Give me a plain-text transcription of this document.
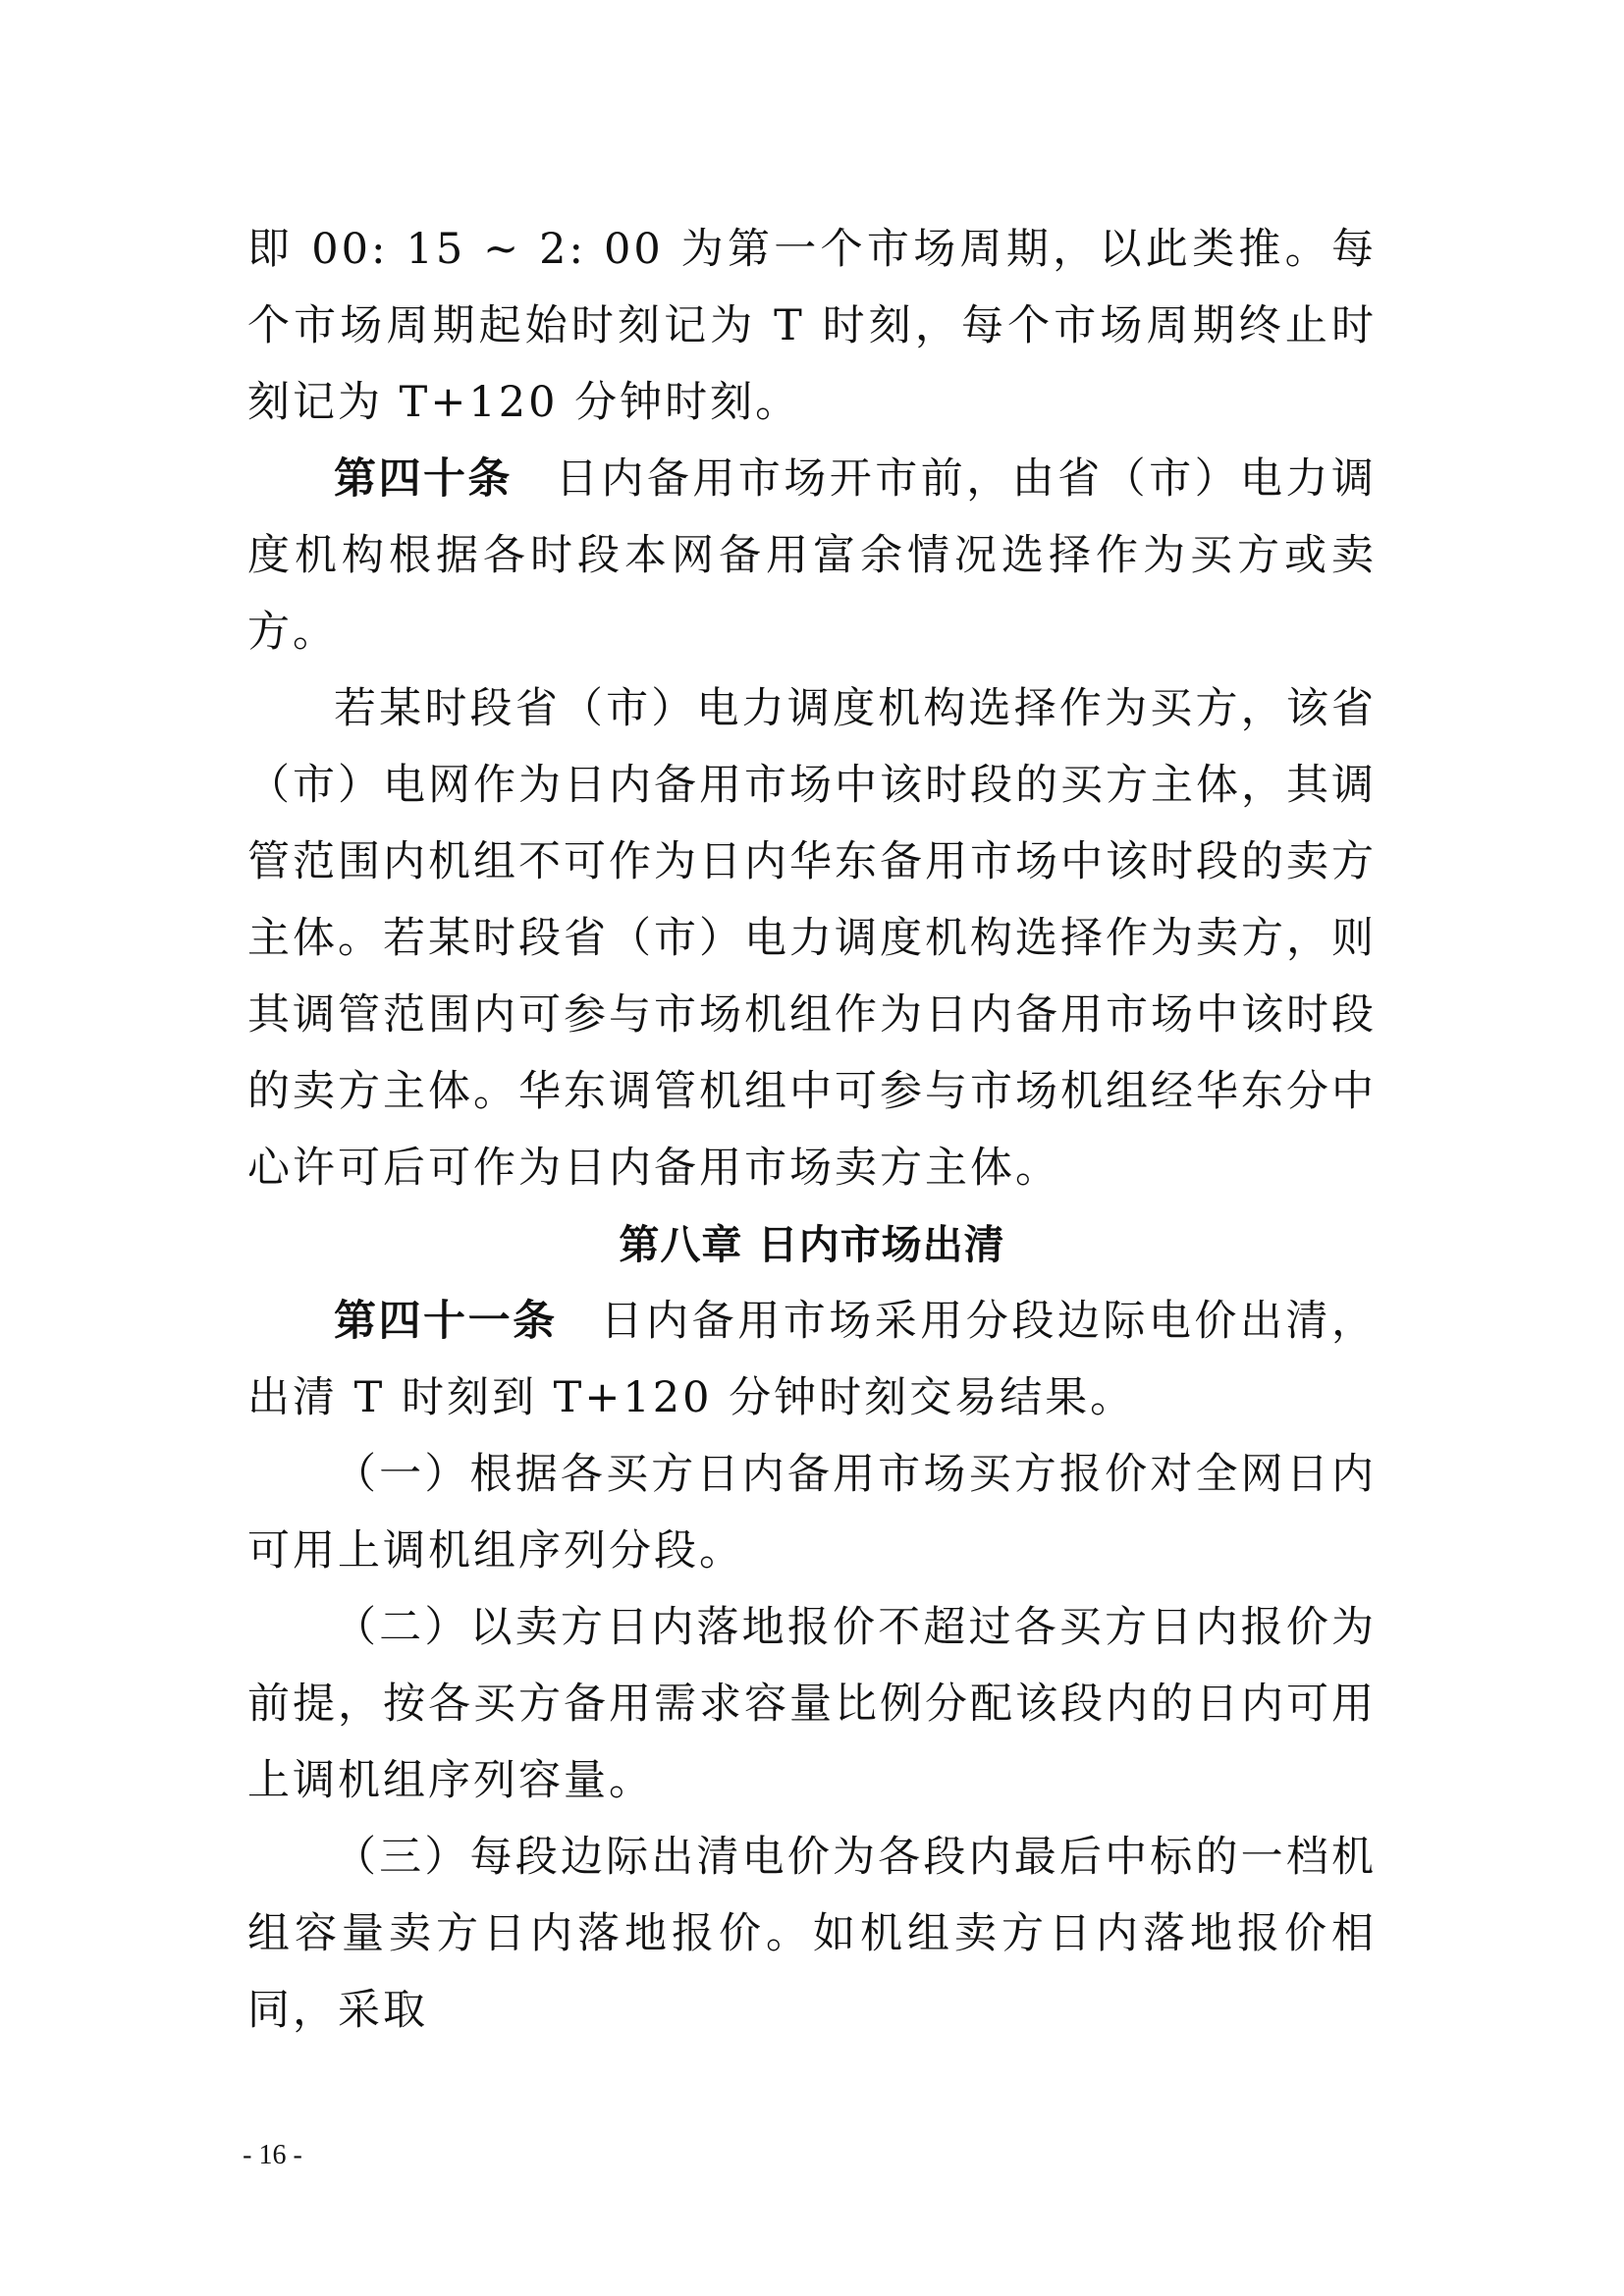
即 00: 15 ~ 2: 00 为第一个市场周期，以此类推。每个市场周期起始时刻记为 T 时刻，每个市场周期终止时刻记为 T+120 分钟时刻。

第四十条 日内备用市场开市前，由省（市）电力调度机构根据各时段本网备用富余情况选择作为买方或卖方。

若某时段省（市）电力调度机构选择作为买方，该省（市）电网作为日内备用市场中该时段的买方主体，其调管范围内机组不可作为日内华东备用市场中该时段的卖方主体。若某时段省（市）电力调度机构选择作为卖方，则其调管范围内可参与市场机组作为日内备用市场中该时段的卖方主体。华东调管机组中可参与市场机组经华东分中心许可后可作为日内备用市场卖方主体。

第八章 日内市场出清

第四十一条 日内备用市场采用分段边际电价出清，出清 T 时刻到 T+120 分钟时刻交易结果。

（一）根据各买方日内备用市场买方报价对全网日内可用上调机组序列分段。

（二）以卖方日内落地报价不超过各买方日内报价为前提，按各买方备用需求容量比例分配该段内的日内可用上调机组序列容量。

（三）每段边际出清电价为各段内最后中标的一档机组容量卖方日内落地报价。如机组卖方日内落地报价相同，采取

- 16 -
